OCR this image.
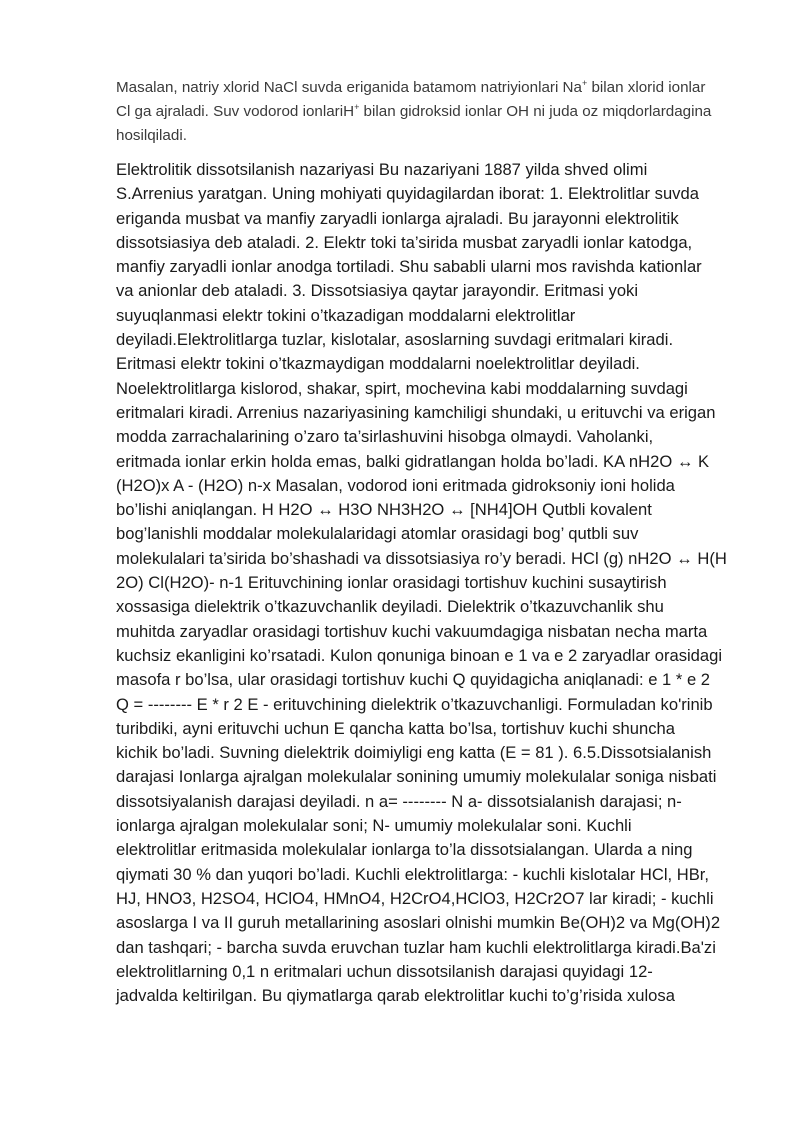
Masalan, natriy xlorid NaCl suvda eriganida batamom natriyionlari Na+ bilan xlorid ionlar
Cl ga ajraladi. Suv vodorod ionlariH+ bilan gidroksid ionlar OH ni juda oz miqdorlardagina
hosilqiladi.

Elektrolitik dissotsilanish nazariyasi Bu nazariyani 1887 yilda shved olimi
S.Arrenius yaratgan. Uning mohiyati quyidagilardan iborat: 1. Elektrolitlar suvda
eriganda musbat va manfiy zaryadli ionlarga ajraladi. Bu jarayonni elektrolitik
dissotsiasiya deb ataladi. 2. Elektr toki ta’sirida musbat zaryadli ionlar katodga,
manfiy zaryadli ionlar anodga tortiladi. Shu sababli ularni mos ravishda kationlar
va anionlar deb ataladi. 3. Dissotsiasiya qaytar jarayondir. Eritmasi yoki
suyuqlanmasi elektr tokini o’tkazadigan moddalarni elektrolitlar
deyiladi.Elektrolitlarga tuzlar, kislotalar, asoslarning suvdagi eritmalari kiradi.
Eritmasi elektr tokini o’tkazmaydigan moddalarni noelektrolitlar deyiladi.
Noelektrolitlarga kislorod, shakar, spirt, mochevina kabi moddalarning suvdagi
eritmalari kiradi. Arrenius nazariyasining kamchiligi shundaki, u erituvchi va erigan
modda zarrachalarining o’zaro ta’sirlashuvini hisobga olmaydi. Vaholanki,
eritmada ionlar erkin holda emas, balki gidratlangan holda bo’ladi. KA nH2O ↔ K
(H2O)x A - (H2O) n-x Masalan, vodorod ioni eritmada gidroksoniy ioni holida
bo’lishi aniqlangan. H H2O ↔ H3O NH3H2O ↔ [NH4]OH Qutbli kovalent
bog’lanishli moddalar molekulalaridagi atomlar orasidagi bog’ qutbli suv
molekulalari ta’sirida bo’shashadi va dissotsiasiya ro’y beradi. HCl (g) nH2O ↔ H(H
2O) Cl(H2O)- n-1 Erituvchining ionlar orasidagi tortishuv kuchini susaytirish
xossasiga dielektrik o’tkazuvchanlik deyiladi. Dielektrik o’tkazuvchanlik shu
muhitda zaryadlar orasidagi tortishuv kuchi vakuumdagiga nisbatan necha marta
kuchsiz ekanligini ko’rsatadi. Kulon qonuniga binoan e 1 va e 2 zaryadlar orasidagi
masofa r bo’lsa, ular orasidagi tortishuv kuchi Q quyidagicha aniqlanadi: e 1 * e 2
Q = -------- E * r 2 E - erituvchining dielektrik o’tkazuvchanligi. Formuladan ko'rinib
turibdiki, ayni erituvchi uchun E qancha katta bo’lsa, tortishuv kuchi shuncha
kichik bo’ladi. Suvning dielektrik doimiyligi eng katta (E = 81 ). 6.5.Dissotsialanish
darajasi Ionlarga ajralgan molekulalar sonining umumiy molekulalar soniga nisbati
dissotsiyalanish darajasi deyiladi. n a= -------- N a- dissotsialanish darajasi; n-
ionlarga ajralgan molekulalar soni; N- umumiy molekulalar soni. Kuchli
elektrolitlar eritmasida molekulalar ionlarga to’la dissotsialangan. Ularda a ning
qiymati 30 % dan yuqori bo’ladi. Kuchli elektrolitlarga: - kuchli kislotalar HCl, HBr,
HJ, HNO3, H2SO4, HClO4, HMnO4, H2CrO4,HClO3, H2Cr2O7 lar kiradi; - kuchli
asoslarga I va II guruh metallarining asoslari olnishi mumkin Be(OH)2 va Mg(OH)2
dan tashqari; - barcha suvda eruvchan tuzlar ham kuchli elektrolitlarga kiradi.Ba'zi
elektrolitlarning 0,1 n eritmalari uchun dissotsilanish darajasi quyidagi 12-
jadvalda keltirilgan. Bu qiymatlarga qarab elektrolitlar kuchi to’g’risida xulosa
